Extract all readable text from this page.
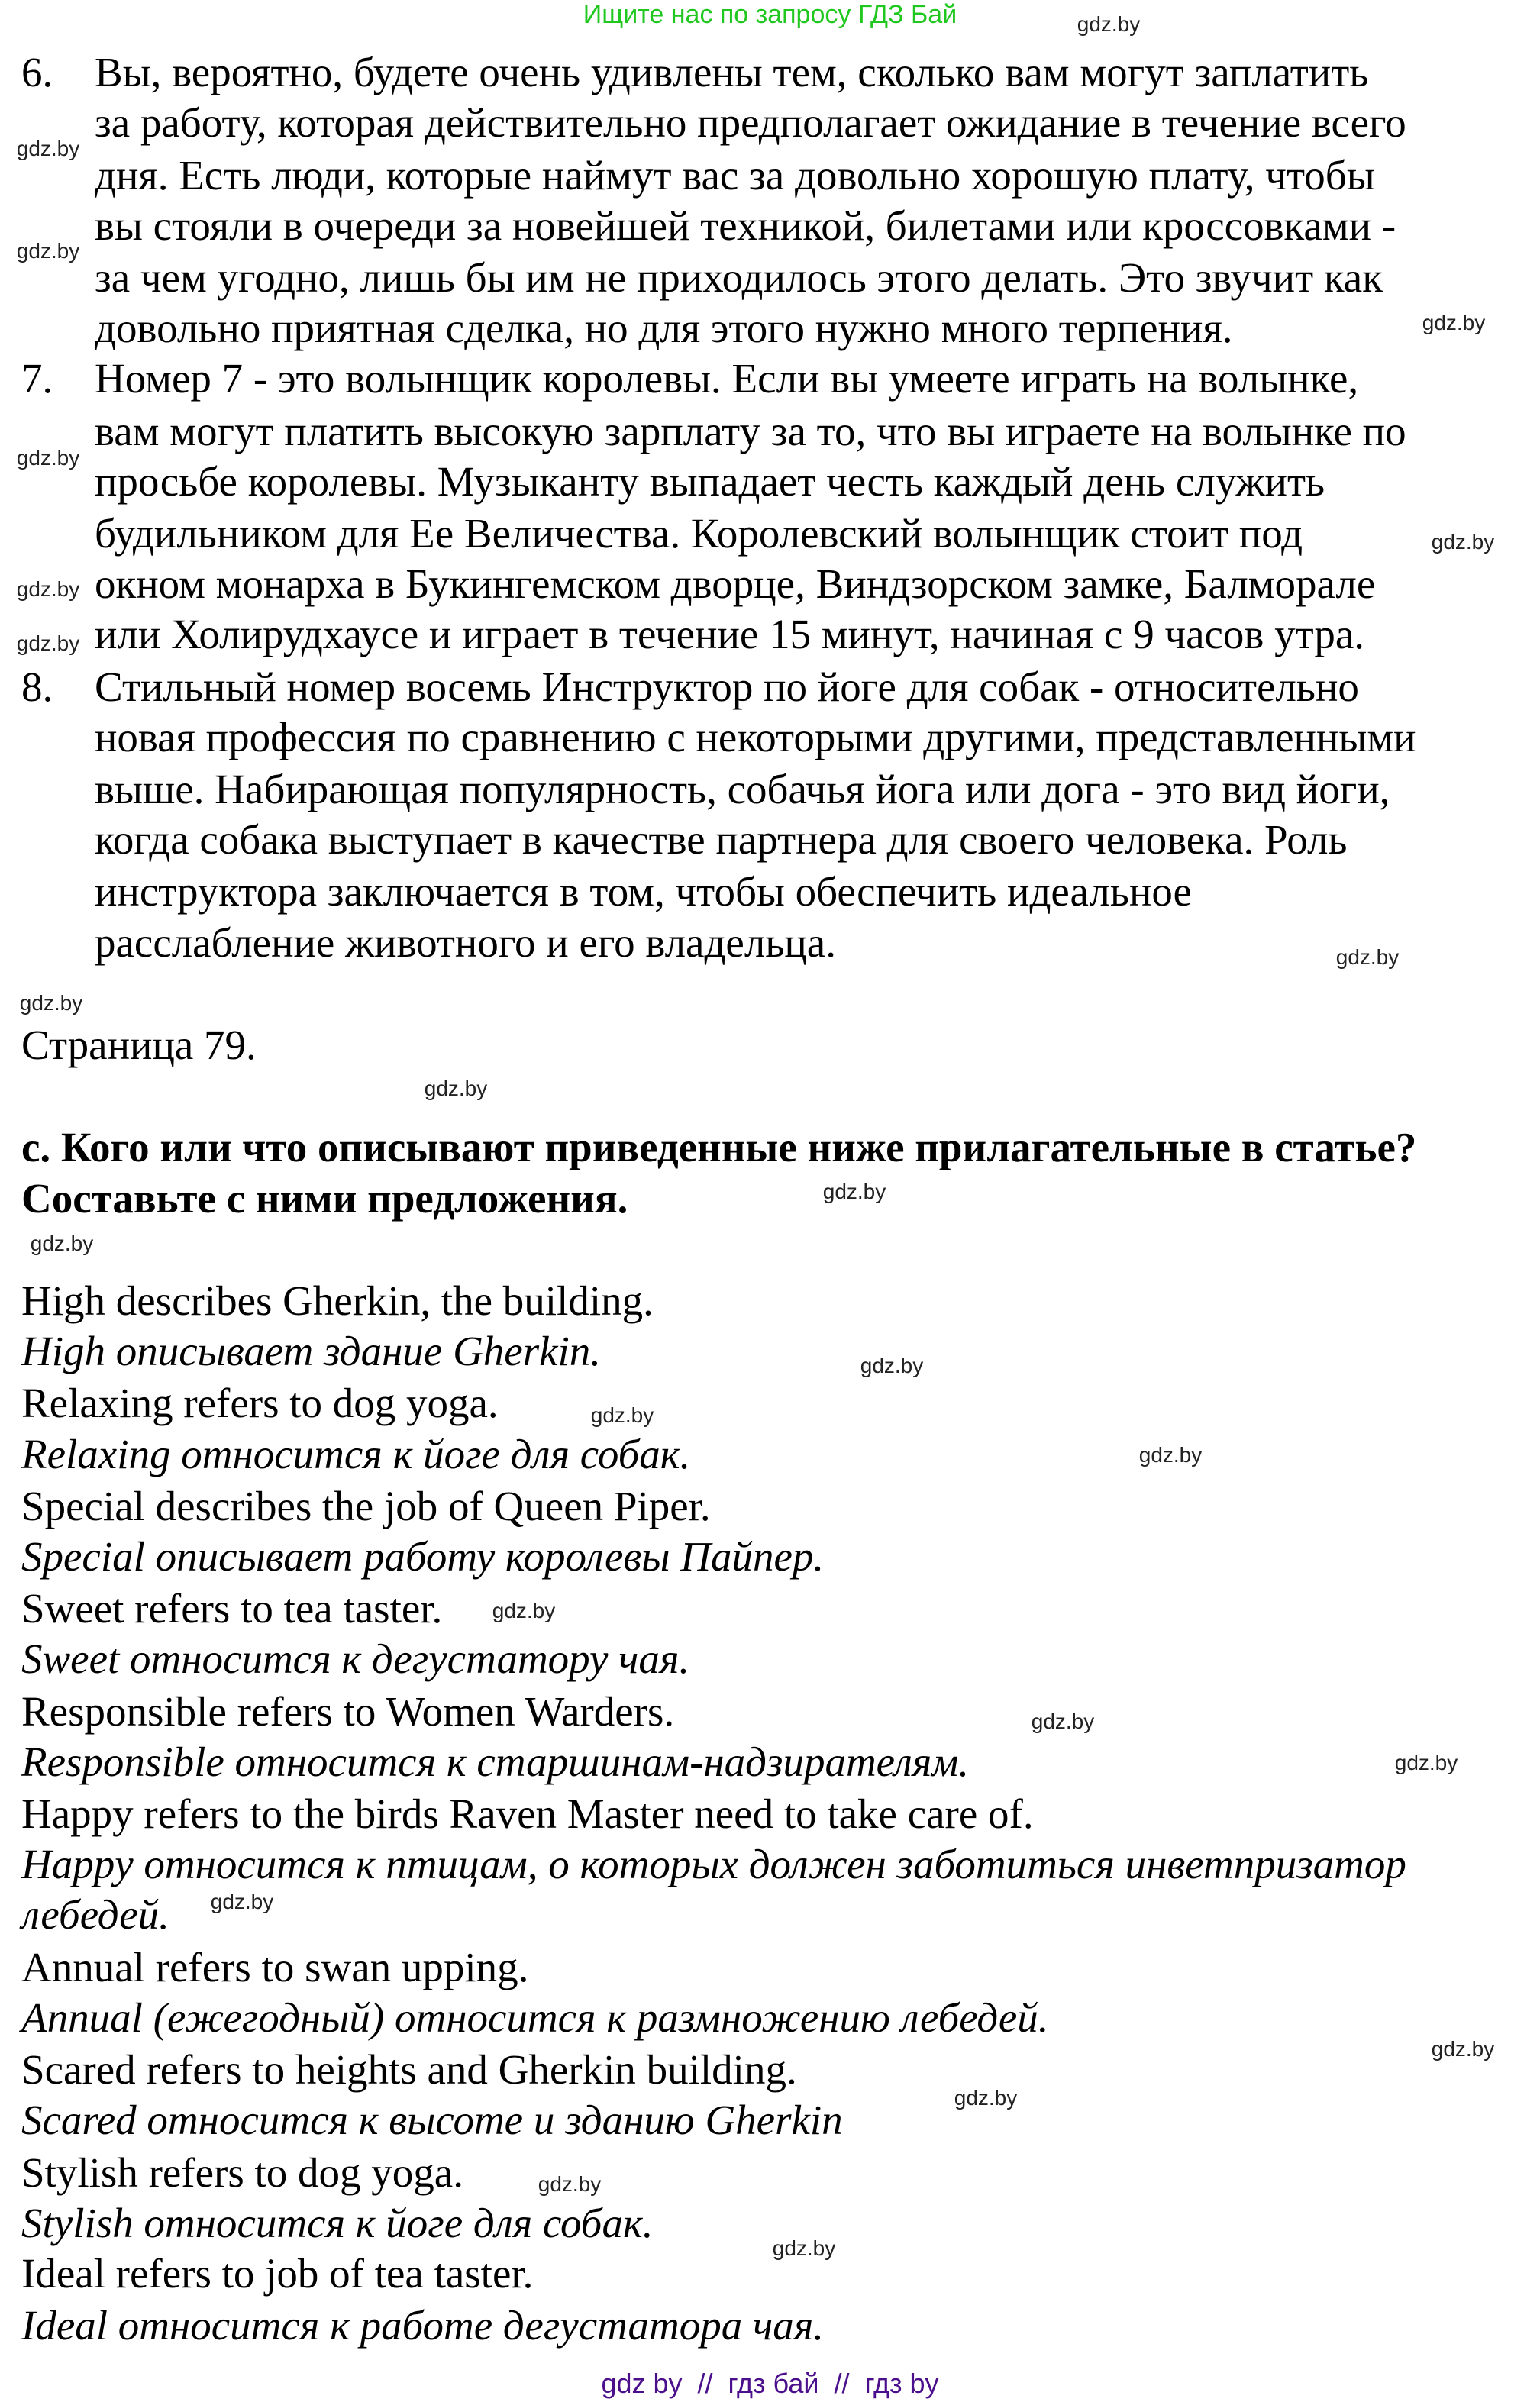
Ищите нас по запросу ГДЗ Бай
6. Вы, вероятно, будете очень удивлены тем, сколько вам могут заплатить
за работу, которая действительно предполагает ожидание в течение всего
дня. Есть люди, которые наймут вас за довольно хорошую плату, чтобы
вы стояли в очереди за новейшей техникой, билетами или кроссовками -
за чем угодно, лишь бы им не приходилось этого делать. Это звучит как
довольно приятная сделка, но для этого нужно много терпения.
7. Номер 7 - это волынщик королевы. Если вы умеете играть на волынке,
вам могут платить высокую зарплату за то, что вы играете на волынке по
просьбе королевы. Музыканту выпадает честь каждый день служить
будильником для Ее Величества. Королевский волынщик стоит под
окном монарха в Букингемском дворце, Виндзорском замке, Балморале
или Холирудхаусе и играет в течение 15 минут, начиная с 9 часов утра.
8. Стильный номер восемь Инструктор по йоге для собак - относительно
новая профессия по сравнению с некоторыми другими, представленными
выше. Набирающая популярность, собачья йога или дога - это вид йоги,
когда собака выступает в качестве партнера для своего человека. Роль
инструктора заключается в том, чтобы обеспечить идеальное
расслабление животного и его владельца.
Страница 79.
c. Кого или что описывают приведенные ниже прилагательные в статье?
Составьте с ними предложения.
High describes Gherkin, the building.
High описывает здание Gherkin.
Relaxing refers to dog yoga.
Relaxing относится к йоге для собак.
Special describes the job of Queen Piper.
Special описывает работу королевы Пайпер.
Sweet refers to tea taster.
Sweet относится к дегустатору чая.
Responsible refers to Women Warders.
Responsible относится к старшинам-надзирателям.
Happy refers to the birds Raven Master need to take care of.
Happy относится к птицам, о которых должен заботиться инветпризатор
лебедей.
Annual refers to swan upping.
Annual (ежегодный) относится к размножению лебедей.
Scared refers to heights and Gherkin building.
Scared относится к высоте и зданию Gherkin
Stylish refers to dog yoga.
Stylish относится к йоге для собак.
Ideal refers to job of tea taster.
Ideal относится к работе дегустатора чая.
gdz.by
gdz.by
gdz.by
gdz.by
gdz.by
gdz.by
gdz.by
gdz.by
gdz.by
gdz.by
gdz.by
gdz.by
gdz.by
gdz.by
gdz.by
gdz.by
gdz.by
gdz.by
gdz.by
gdz.by
gdz.by
gdz.by
gdz.by
gdz.by
gdz by  //  гдз бай  //  гдз by
